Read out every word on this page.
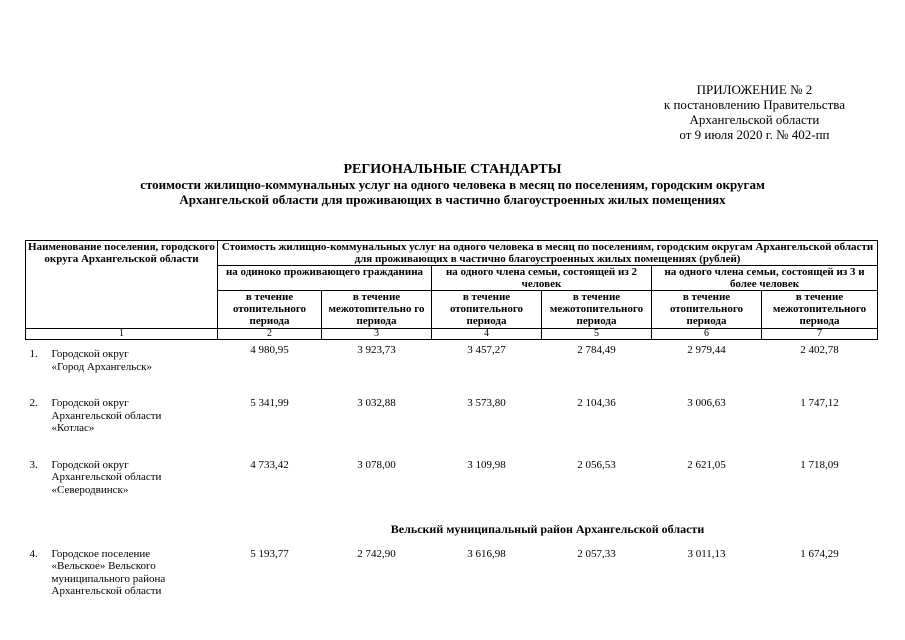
ПРИЛОЖЕНИЕ № 2
к постановлению Правительства
Архангельской области
от 9 июля 2020 г. № 402-пп
РЕГИОНАЛЬНЫЕ СТАНДАРТЫ
стоимости жилищно-коммунальных услуг на одного человека в месяц по поселениям, городским округам
Архангельской области для проживающих в частично благоустроенных жилых помещениях
Наименование поселения, городского округа Архангельской области	Стоимость жилищно-коммунальных услуг на одного человека в месяц по поселениям, городским округам Архангельской области для проживающих в частично благоустроенных жилых помещениях (рублей)
на одиноко проживающего гражданина	на одного члена семьи, состоящей из 2 человек	на одного члена семьи, состоящей из 3 и более человек
в течение отопительного периода	в течение межотопительно го периода	в течение отопительного периода	в течение межотопительного периода	в течение отопительного периода	в течение межотопительного периода
1	2	3	4	5	6	7

1.	Городской округ
«Город Архангельск»
	4 980,95	3 923,73	3 457,27	2 784,49	2 979,44	2 402,78

2.	Городской округ
Архангельской области
«Котлас»
	5 341,99	3 032,88	3 573,80	2 104,36	3 006,63	1 747,12

3.	Городской округ
Архангельской области
«Северодвинск»
	4 733,42	3 078,00	3 109,98	2 056,53	2 621,05	1 718,09
	Вельский муниципальный район Архангельской области

4.	Городское поселение
«Вельское» Вельского
муниципального района
Архангельской области
	5 193,77	2 742,90	3 616,98	2 057,33	3 011,13	1 674,29
